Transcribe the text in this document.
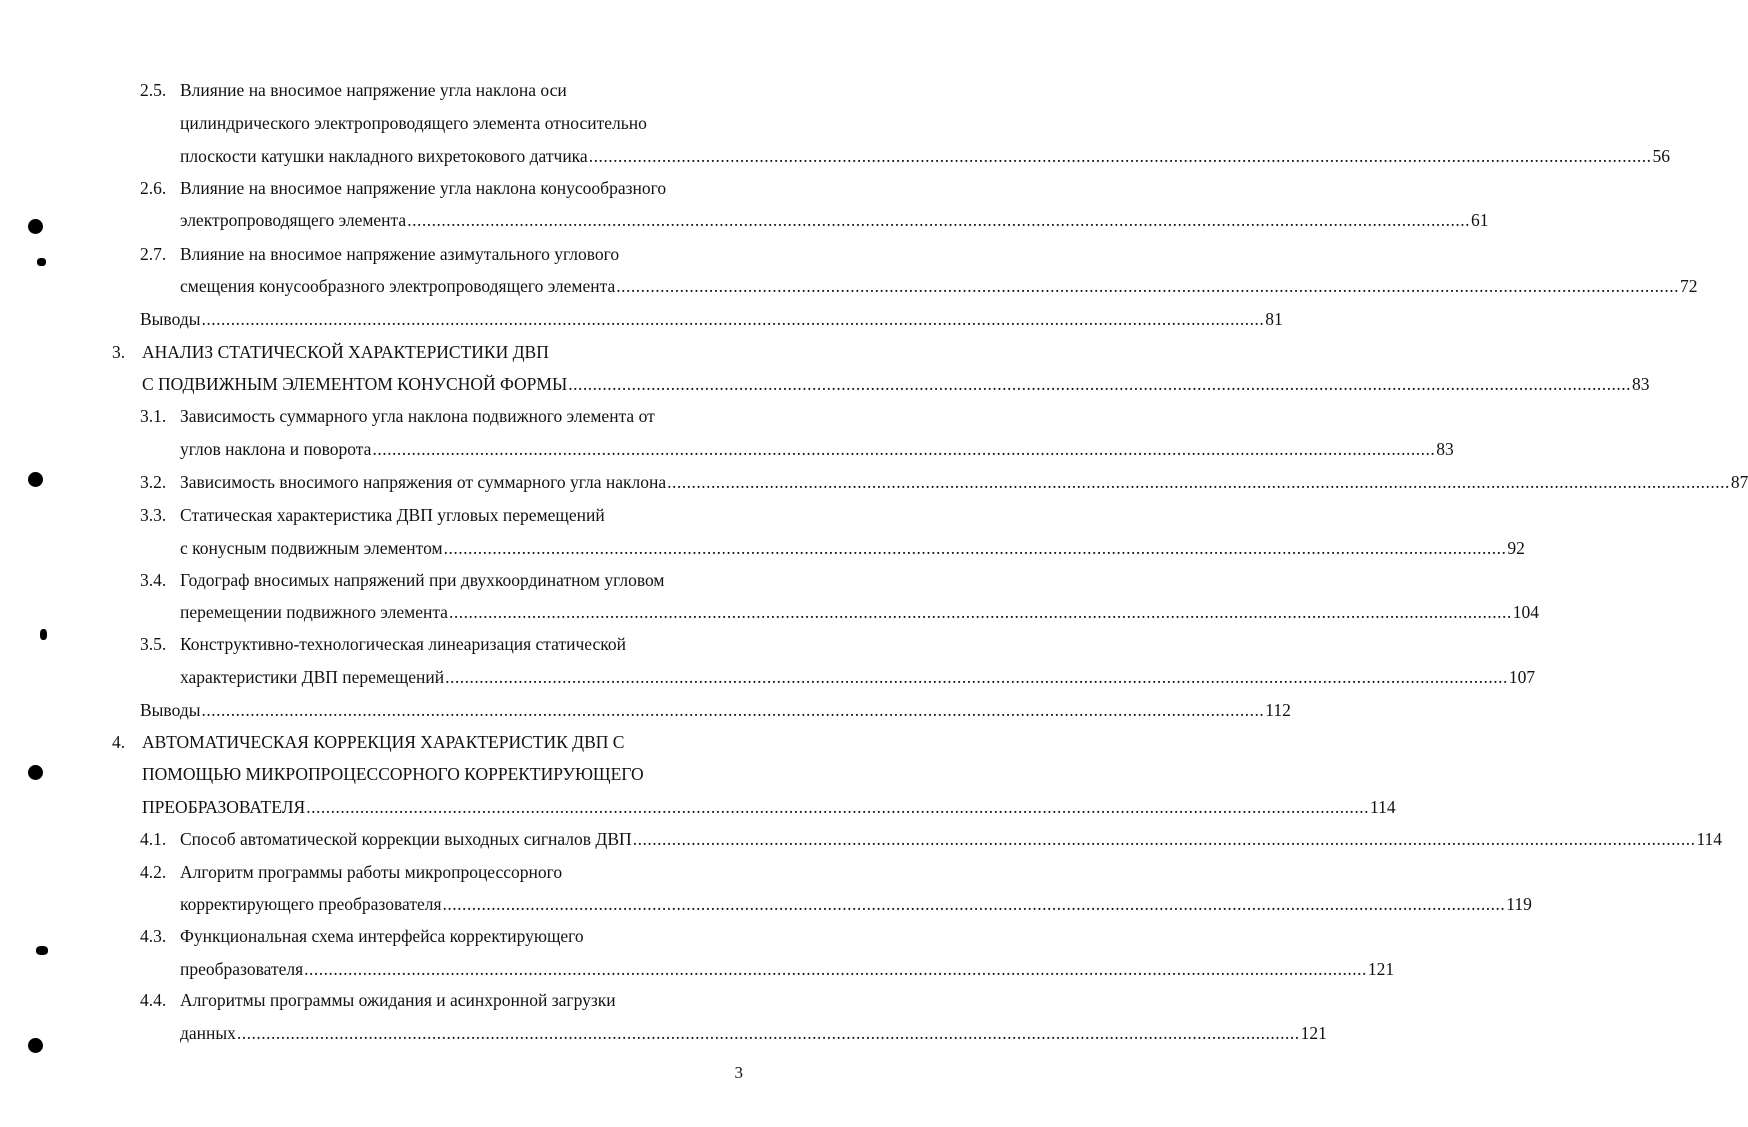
2.5. Влияние на вносимое напряжение угла наклона оси
цилиндрического электропроводящего элемента относительно
плоскости катушки накладного вихретокового датчика .......................................................................................................................................................................................................................... 56
2.6. Влияние на вносимое напряжение угла наклона конусообразного
электропроводящего элемента .......................................................................................................................................................................................................................... 61
2.7. Влияние на вносимое напряжение азимутального углового
смещения конусообразного электропроводящего элемента .......................................................................................................................................................................................................................... 72
Выводы .......................................................................................................................................................................................................................... 81
3. АНАЛИЗ СТАТИЧЕСКОЙ ХАРАКТЕРИСТИКИ ДВП
С ПОДВИЖНЫМ ЭЛЕМЕНТОМ КОНУСНОЙ ФОРМЫ .......................................................................................................................................................................................................................... 83
3.1. Зависимость суммарного угла наклона подвижного элемента от
углов наклона и поворота .......................................................................................................................................................................................................................... 83
3.2. Зависимость вносимого напряжения от суммарного угла наклона .......................................................................................................................................................................................................................... 87
3.3. Статическая характеристика ДВП угловых перемещений
с конусным подвижным элементом .......................................................................................................................................................................................................................... 92
3.4. Годограф вносимых напряжений при двухкоординатном угловом
перемещении подвижного элемента .......................................................................................................................................................................................................................... 104
3.5. Конструктивно-технологическая линеаризация статической
характеристики ДВП перемещений .......................................................................................................................................................................................................................... 107
Выводы .......................................................................................................................................................................................................................... 112
4. АВТОМАТИЧЕСКАЯ КОРРЕКЦИЯ ХАРАКТЕРИСТИК ДВП С
ПОМОЩЬЮ МИКРОПРОЦЕССОРНОГО КОРРЕКТИРУЮЩЕГО
ПРЕОБРАЗОВАТЕЛЯ .......................................................................................................................................................................................................................... 114
4.1. Способ автоматической коррекции выходных сигналов ДВП .......................................................................................................................................................................................................................... 114
4.2. Алгоритм программы работы микропроцессорного
корректирующего преобразователя .......................................................................................................................................................................................................................... 119
4.3. Функциональная схема интерфейса корректирующего
преобразователя .......................................................................................................................................................................................................................... 121
4.4. Алгоритмы программы ожидания и асинхронной загрузки
данных .......................................................................................................................................................................................................................... 121
3
